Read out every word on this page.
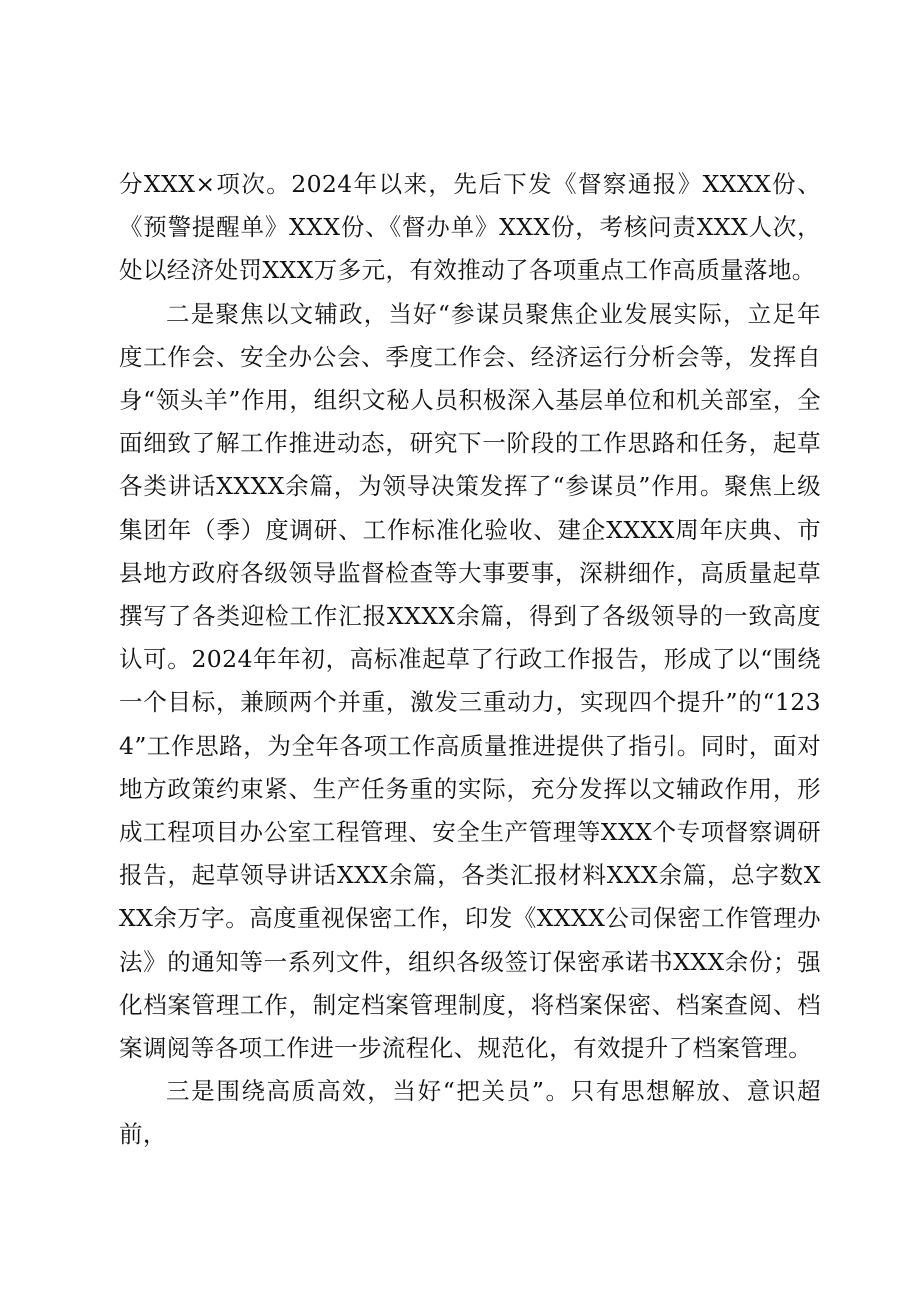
分XXX×项次。2024年以来，先后下发《督察通报》XXXX份、《预警提醒单》XXX份、《督办单》XXX份，考核问责XXX人次，处以经济处罚XXX万多元，有效推动了各项重点工作高质量落地。

二是聚焦以文辅政，当好“参谋员聚焦企业发展实际，立足年度工作会、安全办公会、季度工作会、经济运行分析会等，发挥自身“领头羊”作用，组织文秘人员积极深入基层单位和机关部室，全面细致了解工作推进动态，研究下一阶段的工作思路和任务，起草各类讲话XXXX余篇，为领导决策发挥了“参谋员”作用。聚焦上级集团年（季）度调研、工作标准化验收、建企XXXX周年庆典、市县地方政府各级领导监督检查等大事要事，深耕细作，高质量起草撰写了各类迎检工作汇报XXXX余篇，得到了各级领导的一致高度认可。2024年年初，高标准起草了行政工作报告，形成了以“围绕一个目标，兼顾两个并重，激发三重动力，实现四个提升”的“1234”工作思路，为全年各项工作高质量推进提供了指引。同时，面对地方政策约束紧、生产任务重的实际，充分发挥以文辅政作用，形成工程项目办公室工程管理、安全生产管理等XXX个专项督察调研报告，起草领导讲话XXX余篇，各类汇报材料XXX余篇，总字数XXX余万字。高度重视保密工作，印发《XXXX公司保密工作管理办法》的通知等一系列文件，组织各级签订保密承诺书XXX余份；强化档案管理工作，制定档案管理制度，将档案保密、档案查阅、档案调阅等各项工作进一步流程化、规范化，有效提升了档案管理。

三是围绕高质高效，当好“把关员”。只有思想解放、意识超前，
